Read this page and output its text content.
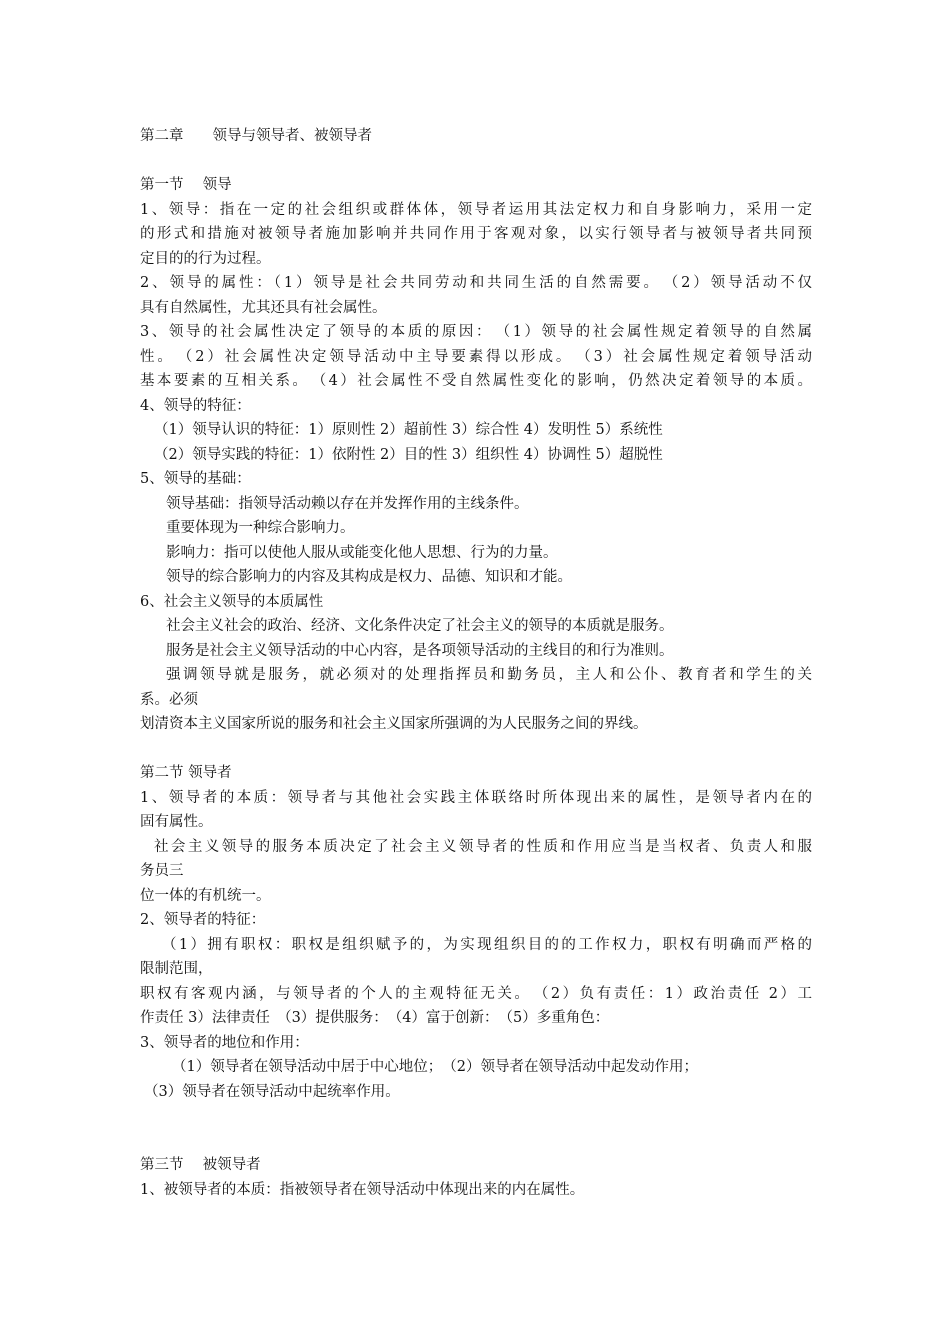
第二章　　领导与领导者、被领导者
第一节　 领导
1、领导：指在一定的社会组织或群体体，领导者运用其法定权力和自身影响力，采用一定
的形式和措施对被领导者施加影响并共同作用于客观对象，以实行领导者与被领导者共同预
定目的的行为过程。
2、领导的属性：（1）领导是社会共同劳动和共同生活的自然需要。　（2）领导活动不仅
具有自然属性，尤其还具有社会属性。
3、领导的社会属性决定了领导的本质的原因：　（1）领导的社会属性规定着领导的自然属
性。　（2）社会属性决定领导活动中主导要素得以形成。　（3）社会属性规定着领导活动
基本要素的互相关系。　（4）社会属性不受自然属性变化的影响，仍然决定着领导的本质。
4、领导的特征：
（1）领导认识的特征：1）原则性 2）超前性 3）综合性 4）发明性 5）系统性
（2）领导实践的特征：1）依附性 2）目的性 3）组织性 4）协调性 5）超脱性
5、领导的基础：
领导基础：指领导活动赖以存在并发挥作用的主线条件。
重要体现为一种综合影响力。
影响力：指可以使他人服从或能变化他人思想、行为的力量。
领导的综合影响力的内容及其构成是权力、品德、知识和才能。
6、社会主义领导的本质属性
社会主义社会的政治、经济、文化条件决定了社会主义的领导的本质就是服务。
服务是社会主义领导活动的中心内容，是各项领导活动的主线目的和行为准则。
强调领导就是服务，就必须对的处理指挥员和勤务员，主人和公仆、教育者和学生的关
系。必须
划清资本主义国家所说的服务和社会主义国家所强调的为人民服务之间的界线。
第二节 领导者
1、领导者的本质：领导者与其他社会实践主体联络时所体现出来的属性，是领导者内在的
固有属性。
社会主义领导的服务本质决定了社会主义领导者的性质和作用应当是当权者、负责人和服
务员三
位一体的有机统一。
2、领导者的特征：
（1）拥有职权：职权是组织赋予的，为实现组织目的的工作权力，职权有明确而严格的
限制范围，
职权有客观内涵，与领导者的个人的主观特征无关。　（2）负有责任：1）政治责任 2）工
作责任 3）法律责任　（3）提供服务：　（4）富于创新：　（5）多重角色：
3、领导者的地位和作用：
（1）领导者在领导活动中居于中心地位；　（2）领导者在领导活动中起发动作用；
（3）领导者在领导活动中起统率作用。
第三节　 被领导者
1、被领导者的本质：指被领导者在领导活动中体现出来的内在属性。
